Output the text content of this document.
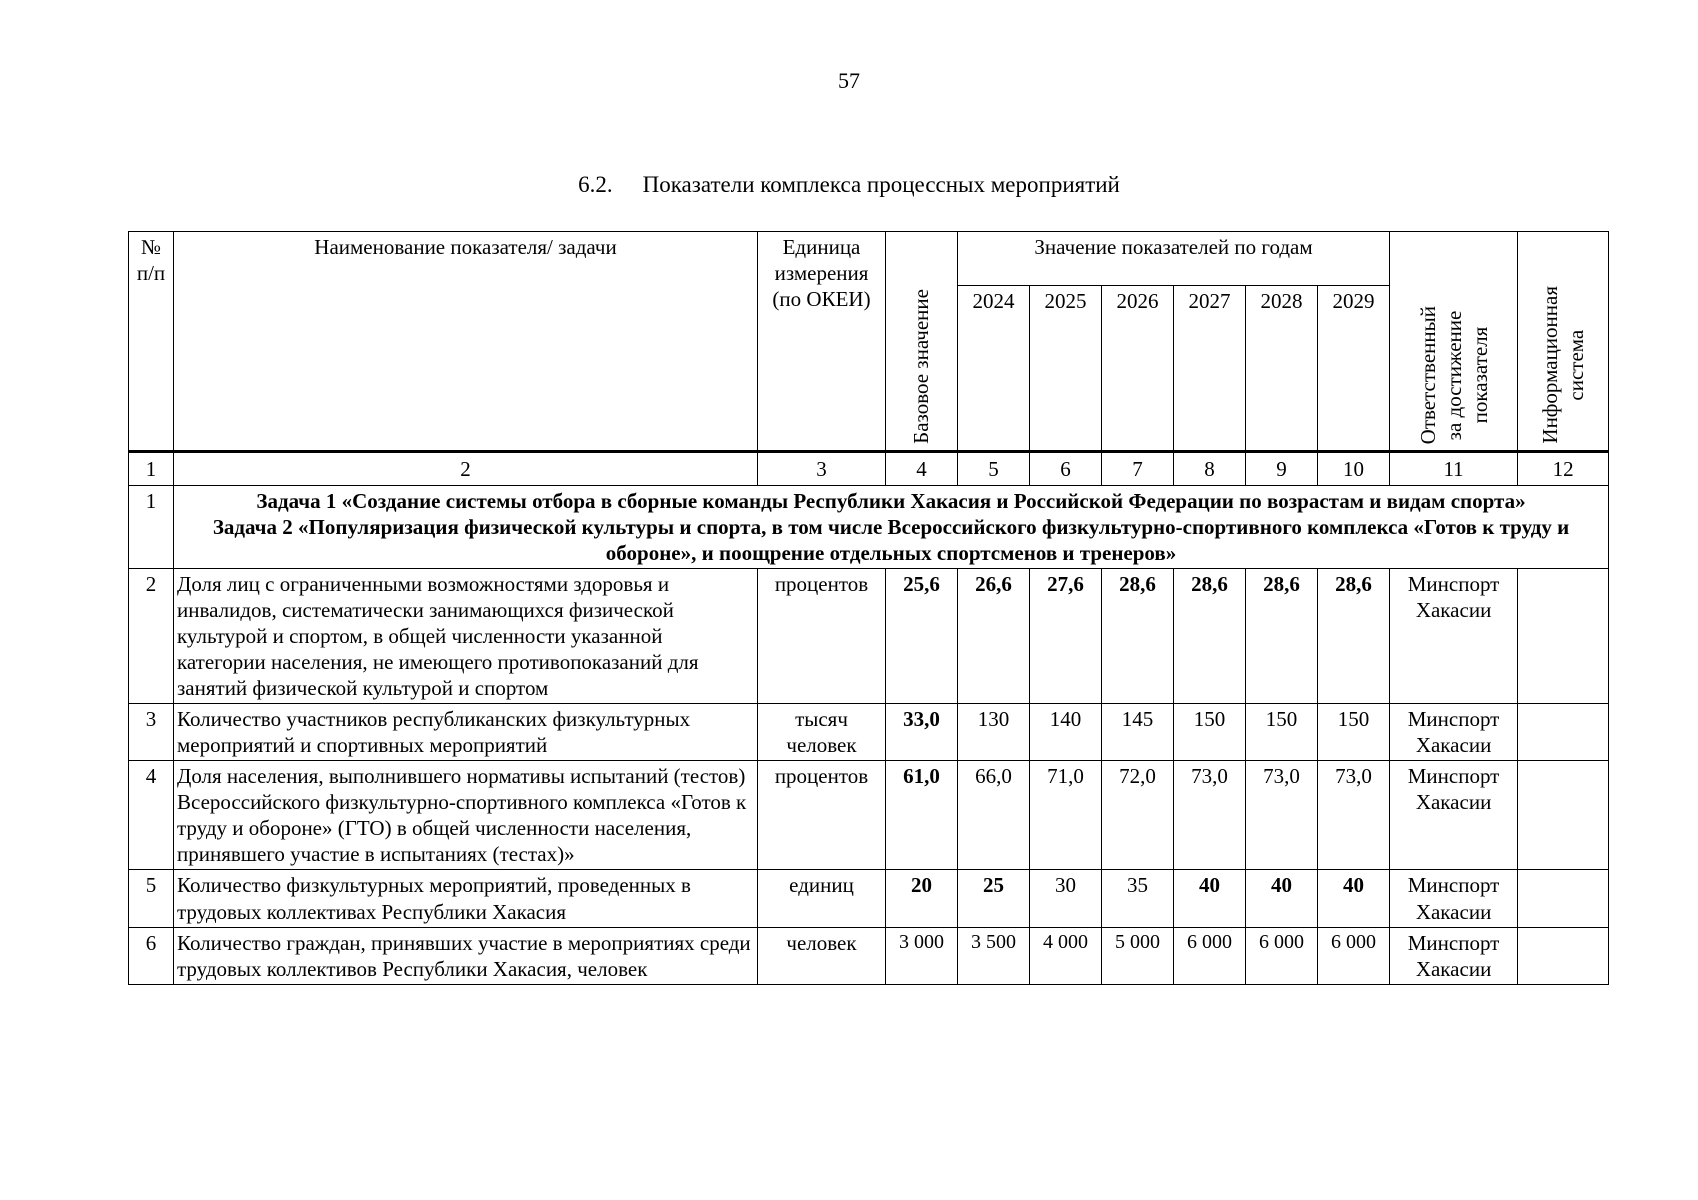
57
6.2. Показатели комплекса процессных мероприятий
№ п/п	Наименование показателя/ задачи	Единица измерения (по ОКЕИ)	Базовое значение	Значение показателей по годам						Ответственный
за достижение
показателя	Информационная
система

				2024	2025	2026	2027	2028	2029		
1	2	3	4	5	6	7	8	9	10	11	12
1	Задача 1 «Создание системы отбора в сборные команды Республики Хакасия и Российской Федерации по возрастам и видам спорта»
Задача 2 «Популяризация физической культуры и спорта, в том числе Всероссийского физкультурно-спортивного комплекса «Готов к труду и обороне», и поощрение отдельных спортсменов и тренеров»										

2	Доля лиц с ограниченными возможностями здоровья и инвалидов, систематически занимающихся физической культурой и спортом, в общей численности указанной категории населения, не имеющего противопоказаний для занятий физической культурой и спортом	процентов	25,6	26,6	27,6	28,6	28,6	28,6	28,6	Минспорт
Хакасии	

3	Количество участников республиканских физкультурных мероприятий и спортивных мероприятий	тысяч человек	33,0	130	140	145	150	150	150	Минспорт
Хакасии	

4	Доля населения, выполнившего нормативы испытаний (тестов) Всероссийского физкультурно-спортивного комплекса «Готов к труду и обороне» (ГТО) в общей численности населения, принявшего участие в испытаниях (тестах)»	процентов	61,0	66,0	71,0	72,0	73,0	73,0	73,0	Минспорт
Хакасии	

5	Количество физкультурных мероприятий, проведенных в трудовых коллективах Республики Хакасия	единиц	20	25	30	35	40	40	40	Минспорт
Хакасии	

6	Количество граждан, принявших участие в мероприятиях среди трудовых коллективов Республики Хакасия, человек	человек	3 000	3 500	4 000	5 000	6 000	6 000	6 000	Минспорт
Хакасии	
